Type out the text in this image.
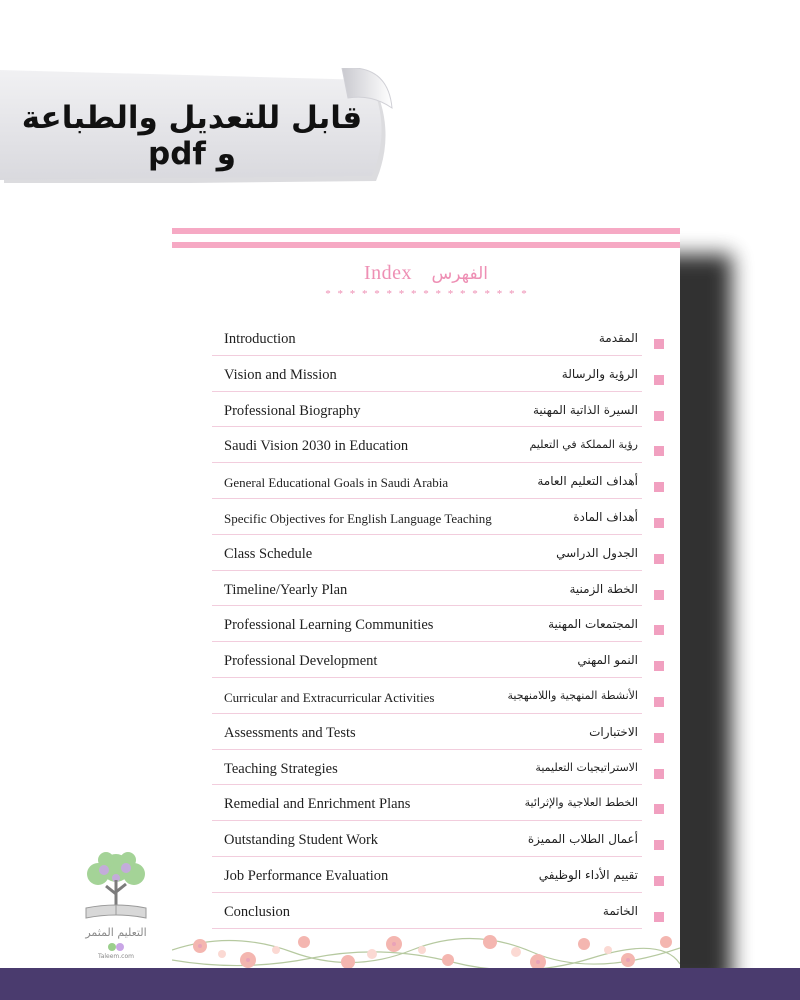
قابل للتعديل والطباعة و pdf
Index الفهرس
* * * * * * * * * * * * * * * * *
Introduction	المقدمة
Vision and Mission	الرؤية والرسالة
Professional Biography	السيرة الذاتية المهنية
Saudi Vision 2030 in Education	رؤية المملكة في التعليم
General Educational Goals in Saudi Arabia	أهداف التعليم العامة
Specific Objectives for English Language Teaching	أهداف المادة
Class Schedule	الجدول الدراسي
Timeline/Yearly Plan	الخطة الزمنية
Professional Learning Communities	المجتمعات المهنية
Professional Development	النمو المهني
Curricular and Extracurricular Activities	الأنشطة المنهجية واللامنهجية
Assessments and Tests	الاختبارات
Teaching Strategies	الاستراتيجيات التعليمية
Remedial and Enrichment Plans	الخطط العلاجية والإثرائية
Outstanding Student Work	أعمال الطلاب المميزة
Job Performance Evaluation	تقييم الأداء الوظيفي
Conclusion	الخاتمة
التعليم المثمر
Taleem.com
